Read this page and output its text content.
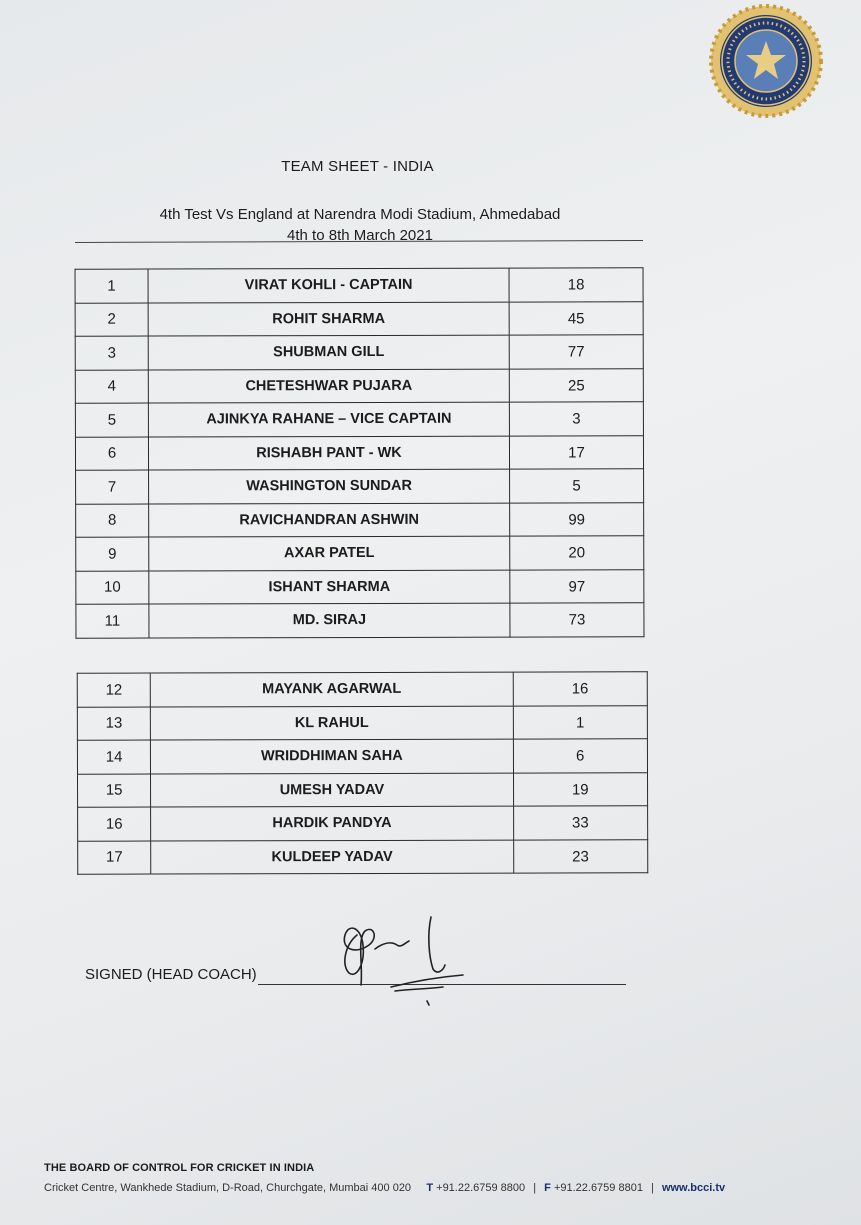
TEAM SHEET - INDIA
4th Test Vs England at Narendra Modi Stadium, Ahmedabad
4th to 8th March 2021
1	VIRAT KOHLI - CAPTAIN	18
2	ROHIT SHARMA	45
3	SHUBMAN GILL	77
4	CHETESHWAR PUJARA	25
5	AJINKYA RAHANE – VICE CAPTAIN	3
6	RISHABH PANT - WK	17
7	WASHINGTON SUNDAR	5
8	RAVICHANDRAN ASHWIN	99
9	AXAR PATEL	20
10	ISHANT SHARMA	97
11	MD. SIRAJ	73
12	MAYANK AGARWAL	16
13	KL RAHUL	1
14	WRIDDHIMAN SAHA	6
15	UMESH YADAV	19
16	HARDIK PANDYA	33
17	KULDEEP YADAV	23
SIGNED (HEAD COACH)
THE BOARD OF CONTROL FOR CRICKET IN INDIA
Cricket Centre, Wankhede Stadium, D-Road, Churchgate, Mumbai 400 020 T +91.22.6759 8800 | F +91.22.6759 8801 | www.bcci.tv
